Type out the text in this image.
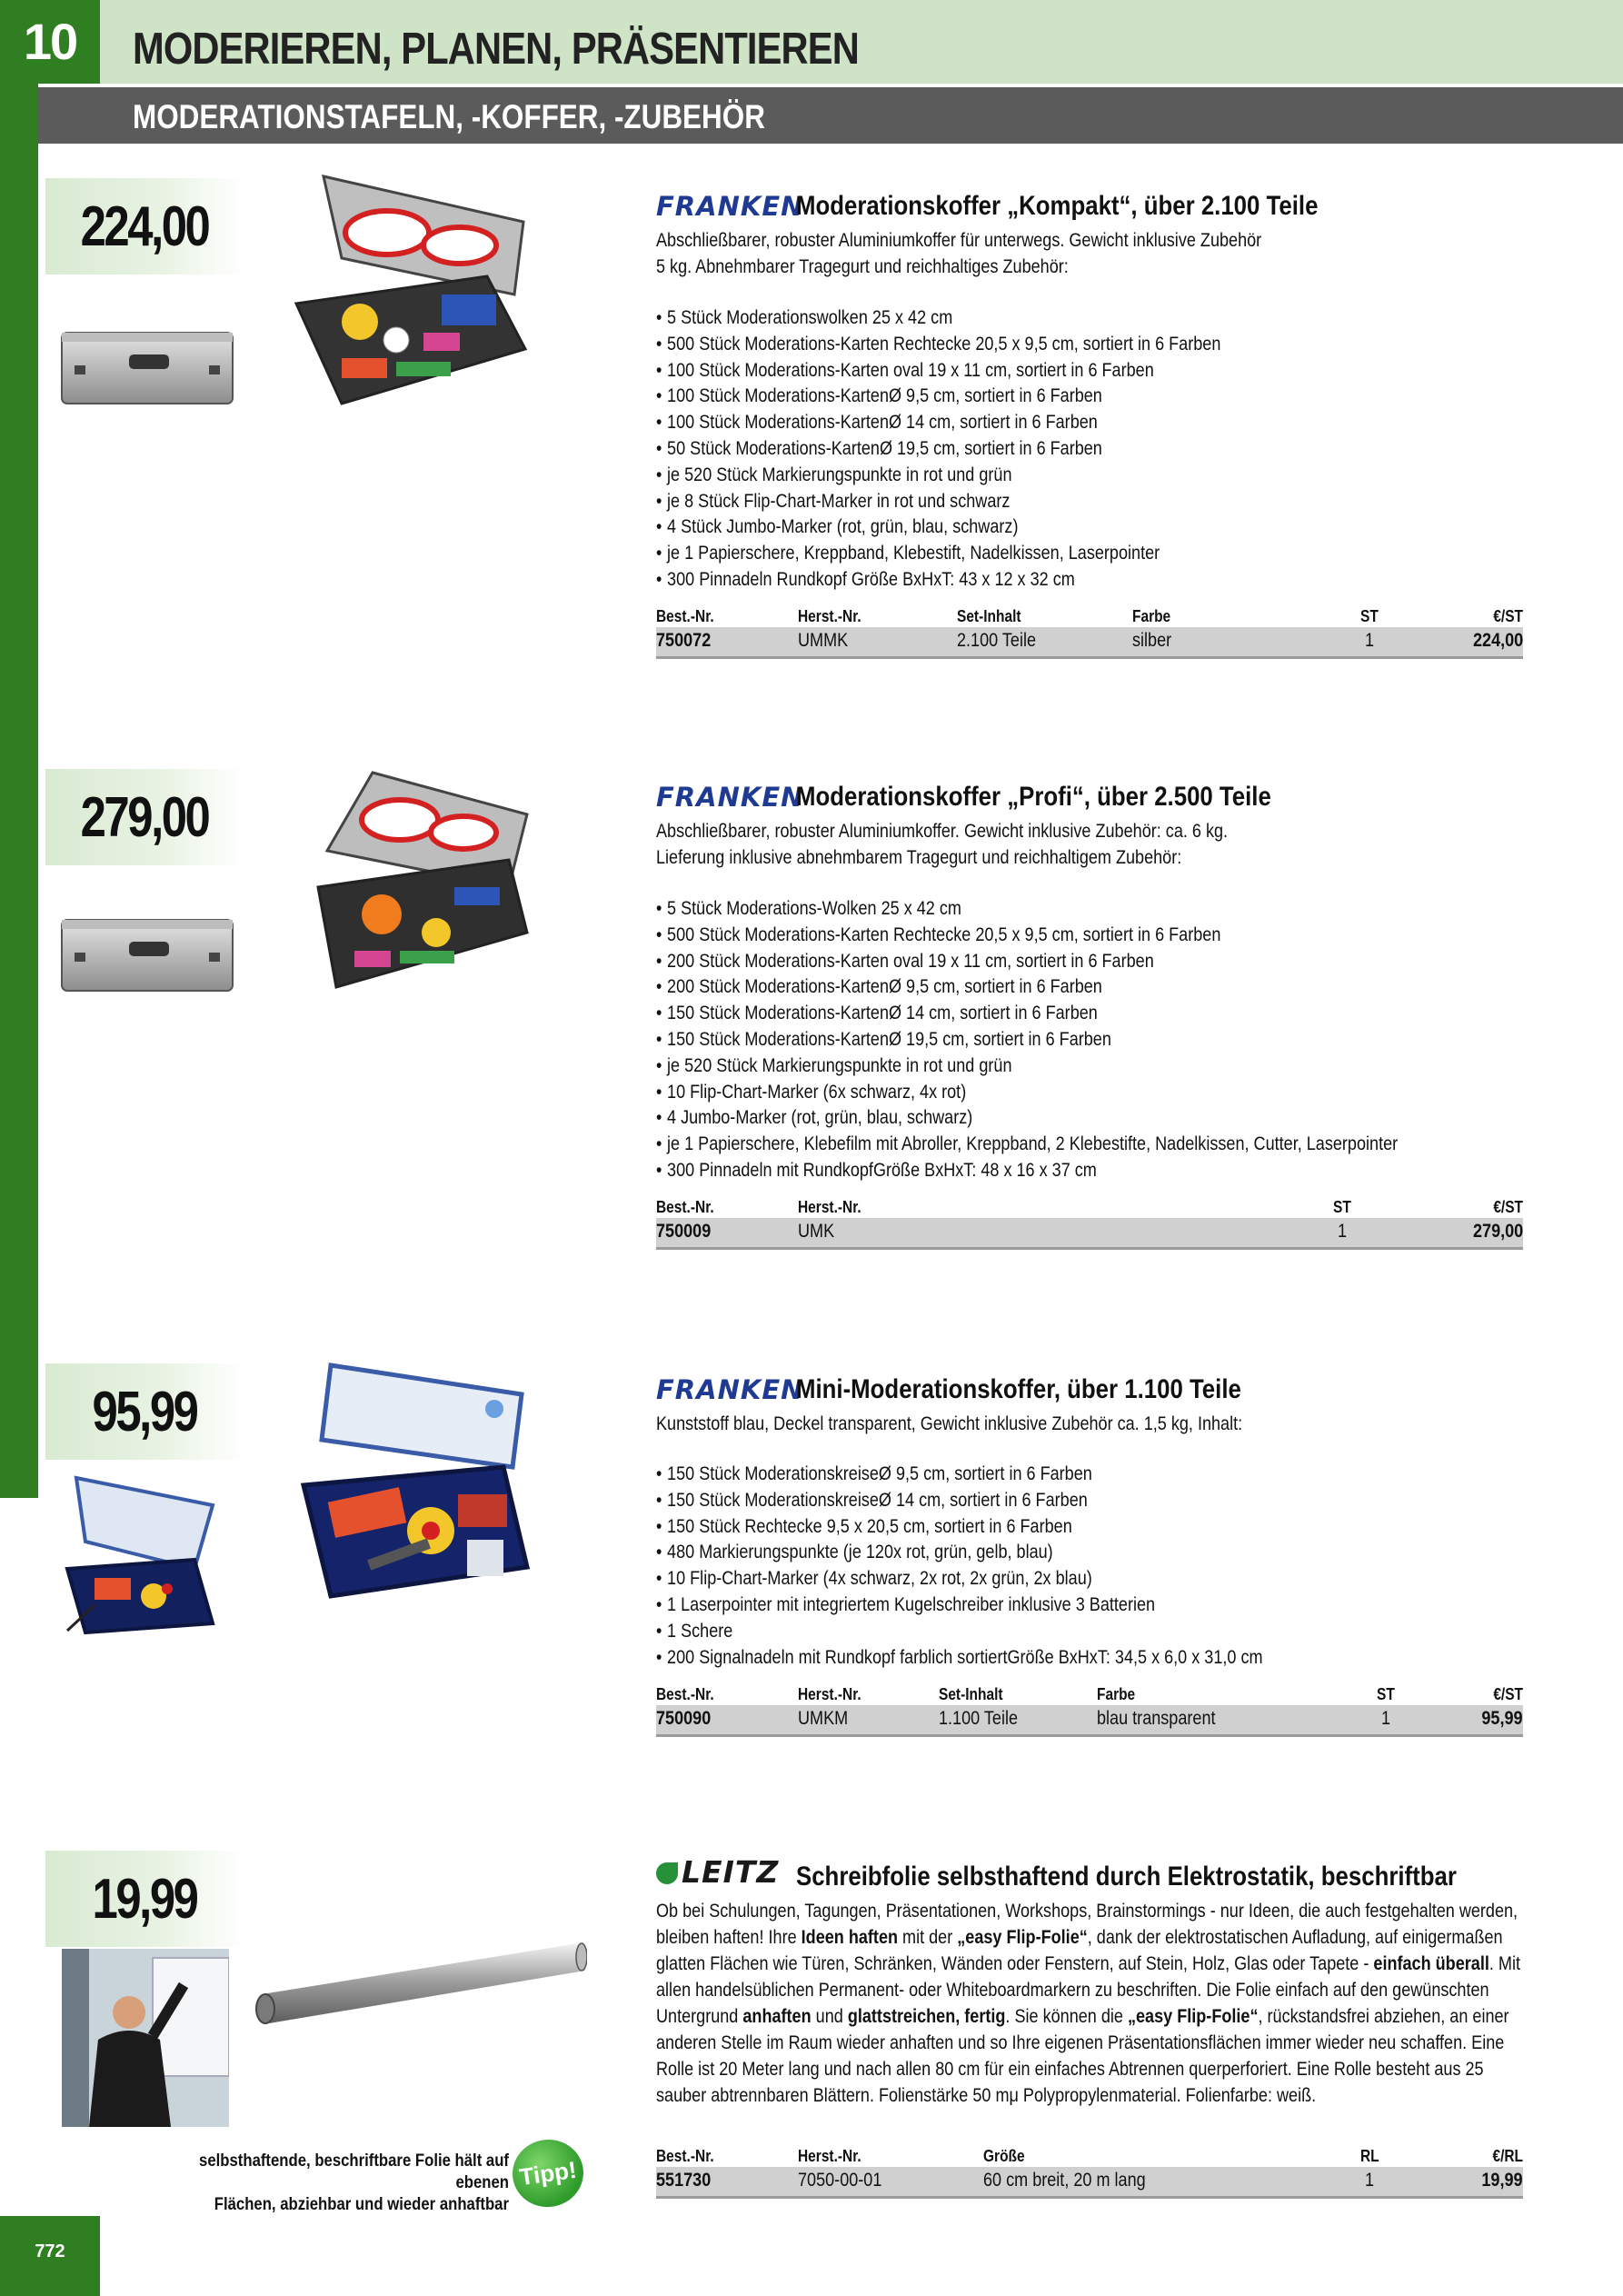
10	MODERIEREN, PLANEN, PRÄSENTIEREN
MODERATIONSTAFELN, -KOFFER, -ZUBEHÖR
224,00	FRANKEN
Moderationskoffer „Kompakt“, über 2.100 Teile
Abschließbarer, robuster Aluminiumkoffer für unterwegs. Gewicht inklusive Zubehör
5 kg. Abnehmbarer Tragegurt und reichhaltiges Zubehör:
• 5 Stück Moderationswolken 25 x 42 cm
• 500 Stück Moderations-Karten Rechtecke 20,5 x 9,5 cm, sortiert in 6 Farben
• 100 Stück Moderations-Karten oval 19 x 11 cm, sortiert in 6 Farben
• 100 Stück Moderations-KartenØ 9,5 cm, sortiert in 6 Farben
• 100 Stück Moderations-KartenØ 14 cm, sortiert in 6 Farben
• 50 Stück Moderations-KartenØ 19,5 cm, sortiert in 6 Farben
• je 520 Stück Markierungspunkte in rot und grün
• je 8 Stück Flip-Chart-Marker in rot und schwarz
• 4 Stück Jumbo-Marker (rot, grün, blau, schwarz)
• je 1 Papierschere, Kreppband, Klebestift, Nadelkissen, Laserpointer
• 300 Pinnadeln Rundkopf Größe BxHxT: 43 x 12 x 32 cm
Best.-Nr.	Herst.-Nr.	Set-Inhalt	Farbe	ST	€/ST
750072	UMMK	2.100 Teile	silber	1	224,00
279,00	FRANKEN
Moderationskoffer „Profi“, über 2.500 Teile
Abschließbarer, robuster Aluminiumkoffer. Gewicht inklusive Zubehör: ca. 6 kg.
Lieferung inklusive abnehmbarem Tragegurt und reichhaltigem Zubehör:
• 5 Stück Moderations-Wolken 25 x 42 cm
• 500 Stück Moderations-Karten Rechtecke 20,5 x 9,5 cm, sortiert in 6 Farben
• 200 Stück Moderations-Karten oval 19 x 11 cm, sortiert in 6 Farben
• 200 Stück Moderations-KartenØ 9,5 cm, sortiert in 6 Farben
• 150 Stück Moderations-KartenØ 14 cm, sortiert in 6 Farben
• 150 Stück Moderations-KartenØ 19,5 cm, sortiert in 6 Farben
• je 520 Stück Markierungspunkte in rot und grün
• 10 Flip-Chart-Marker (6x schwarz, 4x rot)
• 4 Jumbo-Marker (rot, grün, blau, schwarz)
• je 1 Papierschere, Klebefilm mit Abroller, Kreppband, 2 Klebestifte, Nadelkissen, Cutter, Laserpointer
• 300 Pinnadeln mit RundkopfGröße BxHxT: 48 x 16 x 37 cm
Best.-Nr.	Herst.-Nr.	ST	€/ST
750009	UMK	1	279,00
95,99	FRANKEN
Mini-Moderationskoffer, über 1.100 Teile
Kunststoff blau, Deckel transparent, Gewicht inklusive Zubehör ca. 1,5 kg, Inhalt:
• 150 Stück ModerationskreiseØ 9,5 cm, sortiert in 6 Farben
• 150 Stück ModerationskreiseØ 14 cm, sortiert in 6 Farben
• 150 Stück Rechtecke 9,5 x 20,5 cm, sortiert in 6 Farben
• 480 Markierungspunkte (je 120x rot, grün, gelb, blau)
• 10 Flip-Chart-Marker (4x schwarz, 2x rot, 2x grün, 2x blau)
• 1 Laserpointer mit integriertem Kugelschreiber inklusive 3 Batterien
• 1 Schere
• 200 Signalnadeln mit Rundkopf farblich sortiertGröße BxHxT: 34,5 x 6,0 x 31,0 cm
Best.-Nr.	Herst.-Nr.	Set-Inhalt	Farbe	ST	€/ST
750090	UMKM	1.100 Teile	blau transparent	1	95,99
19,99	LEITZ Schreibfolie selbsthaftend durch Elektrostatik, beschriftbar
Ob bei Schulungen, Tagungen, Präsentationen, Workshops, Brainstormings - nur Ideen, die auch festgehalten werden, bleiben haften! Ihre Ideen haften mit der „easy Flip-Folie“, dank der elektrostatischen Aufladung, auf einigermaßen glatten Flächen wie Türen, Schränken, Wänden oder Fenstern, auf Stein, Holz, Glas oder Tapete - einfach überall. Mit allen handelsüblichen Permanent- oder Whiteboardmarkern zu beschriften. Die Folie einfach auf den gewünschten Untergrund anhaften und glattstreichen, fertig. Sie können die „easy Flip-Folie“, rückstandsfrei abziehen, an einer anderen Stelle im Raum wieder anhaften und so Ihre eigenen Präsentationsflächen immer wieder neu schaffen. Eine Rolle ist 20 Meter lang und nach allen 80 cm für ein einfaches Abtrennen querperforiert. Eine Rolle besteht aus 25 sauber abtrennbaren Blättern. Folienstärke 50 mμ Polypropylenmaterial. Folienfarbe: weiß.
selbsthaftende, beschriftbare Folie hält auf ebenen
Flächen, abziehbar und wieder anhaftbar
Tipp!	Best.-Nr.	Herst.-Nr.	Größe	RL	€/RL
551730	7050-00-01	60 cm breit, 20 m lang	1	19,99
772
